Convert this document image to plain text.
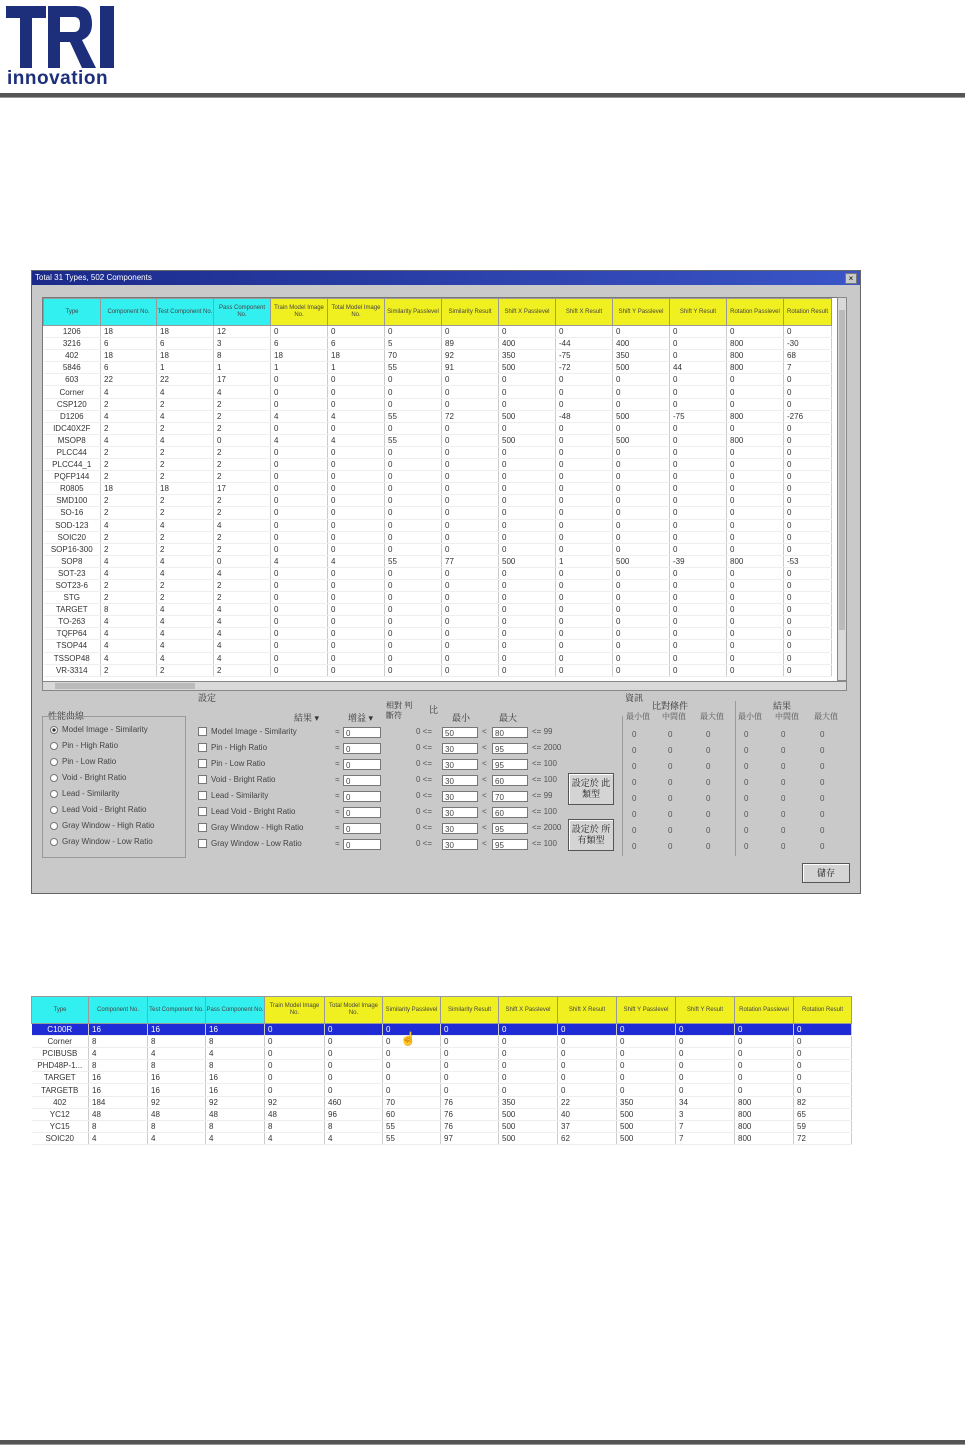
innovation
Total 31 Types, 502 Components	×
Type	Component No.	Test Component No.	Pass Component No.	Train Model Image No.	Total Model Image No.	Similarity Passlevel	Similarity Result	Shift X Passlevel	Shift X Result	Shift Y Passlevel	Shift Y Result	Rotation Passlevel	Rotation Result
1206	18	18	12	0	0	0	0	0	0	0	0	0	0
3216	6	6	3	6	6	5	89	400	-44	400	0	800	-30
402	18	18	8	18	18	70	92	350	-75	350	0	800	68
5846	6	1	1	1	1	55	91	500	-72	500	44	800	7
603	22	22	17	0	0	0	0	0	0	0	0	0	0
Corner	4	4	4	0	0	0	0	0	0	0	0	0	0
CSP120	2	2	2	0	0	0	0	0	0	0	0	0	0
D1206	4	4	2	4	4	55	72	500	-48	500	-75	800	-276
IDC40X2F	2	2	2	0	0	0	0	0	0	0	0	0	0
MSOP8	4	4	0	4	4	55	0	500	0	500	0	800	0
PLCC44	2	2	2	0	0	0	0	0	0	0	0	0	0
PLCC44_1	2	2	2	0	0	0	0	0	0	0	0	0	0
PQFP144	2	2	2	0	0	0	0	0	0	0	0	0	0
R0805	18	18	17	0	0	0	0	0	0	0	0	0	0
SMD100	2	2	2	0	0	0	0	0	0	0	0	0	0
SO-16	2	2	2	0	0	0	0	0	0	0	0	0	0
SOD-123	4	4	4	0	0	0	0	0	0	0	0	0	0
SOIC20	2	2	2	0	0	0	0	0	0	0	0	0	0
SOP16-300	2	2	2	0	0	0	0	0	0	0	0	0	0
SOP8	4	4	0	4	4	55	77	500	1	500	-39	800	-53
SOT-23	4	4	4	0	0	0	0	0	0	0	0	0	0
SOT23-6	2	2	2	0	0	0	0	0	0	0	0	0	0
STG	2	2	2	0	0	0	0	0	0	0	0	0	0
TARGET	8	4	4	0	0	0	0	0	0	0	0	0	0
TO-263	4	4	4	0	0	0	0	0	0	0	0	0	0
TQFP64	4	4	4	0	0	0	0	0	0	0	0	0	0
TSOP44	4	4	4	0	0	0	0	0	0	0	0	0	0
TSSOP48	4	4	4	0	0	0	0	0	0	0	0	0	0
VR-3314	2	2	2	0	0	0	0	0	0	0	0	0	0
設定
性能曲線
Model Image - Similarity
Pin - High Ratio
Pin - Low Ratio
Void - Bright Ratio
Lead - Similarity
Lead Void - Bright Ratio
Gray Window - High Ratio
Gray Window - Low Ratio
結果 ▾	增益 ▾
相對 判斷符
比
最小	最大
Model Image - Similarity	= 0	0 <=	50	<	80	<= 99
Pin - High Ratio	= 0	0 <=	30	<	95	<= 2000
Pin - Low Ratio	= 0	0 <=	30	<	95	<= 100
Void - Bright Ratio	= 0	0 <=	30	<	60	<= 100
Lead - Similarity	= 0	0 <=	30	<	70	<= 99
Lead Void - Bright Ratio	= 0	0 <=	30	<	60	<= 100
Gray Window - High Ratio	= 0	0 <=	30	<	95	<= 2000
Gray Window - Low Ratio	= 0	0 <=	30	<	95	<= 100
設定於 此類型
設定於 所有類型
資訊
比對條件	結果
最小值 中間值 最大值 最小值 中間值 最大值
0	0	0	0	0	0
0	0	0	0	0	0
0	0	0	0	0	0
0	0	0	0	0	0
0	0	0	0	0	0
0	0	0	0	0	0
0	0	0	0	0	0
0	0	0	0	0	0
儲存
Type	Component No.	Test Component No.	Pass Component No.	Train Model Image No.	Total Model Image No.	Similarity Passlevel	Similarity Result	Shift X Passlevel	Shift X Result	Shift Y Passlevel	Shift Y Result	Rotation Passlevel	Rotation Result
C100R	16	16	16	0	0	0	0	0	0	0	0	0	0
Corner	8	8	8	0	0	0	0	0	0	0	0	0	0
PCIBUSB	4	4	4	0	0	0	0	0	0	0	0	0	0
PHD48P-1...	8	8	8	0	0	0	0	0	0	0	0	0	0
TARGET	16	16	16	0	0	0	0	0	0	0	0	0	0
TARGETB	16	16	16	0	0	0	0	0	0	0	0	0	0
402	184	92	92	92	460	70	76	350	22	350	34	800	82
YC12	48	48	48	48	96	60	76	500	40	500	3	800	65
YC15	8	8	8	8	8	55	76	500	37	500	7	800	59
SOIC20	4	4	4	4	4	55	97	500	62	500	7	800	72
☝
